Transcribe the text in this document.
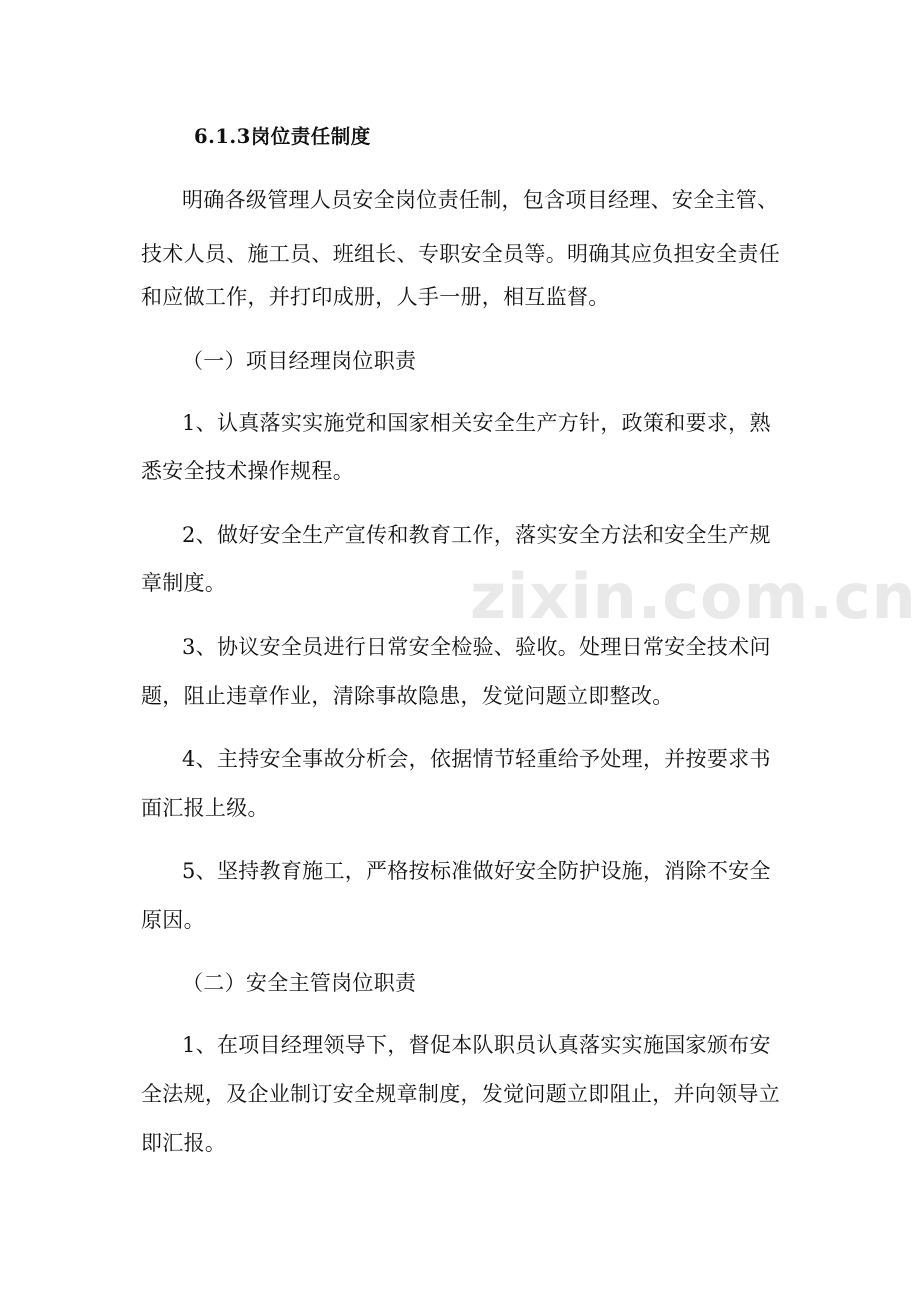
zixin.com.cn
6.1.3岗位责任制度
明确各级管理人员安全岗位责任制，包含项目经理、安全主管、
技术人员、施工员、班组长、专职安全员等。明确其应负担安全责任
和应做工作，并打印成册，人手一册，相互监督。
（一）项目经理岗位职责
1、认真落实实施党和国家相关安全生产方针，政策和要求，熟
悉安全技术操作规程。
2、做好安全生产宣传和教育工作，落实安全方法和安全生产规
章制度。
3、协议安全员进行日常安全检验、验收。处理日常安全技术问
题，阻止违章作业，清除事故隐患，发觉问题立即整改。
4、主持安全事故分析会，依据情节轻重给予处理，并按要求书
面汇报上级。
5、坚持教育施工，严格按标准做好安全防护设施，消除不安全
原因。
（二）安全主管岗位职责
1、在项目经理领导下，督促本队职员认真落实实施国家颁布安
全法规，及企业制订安全规章制度，发觉问题立即阻止，并向领导立
即汇报。
